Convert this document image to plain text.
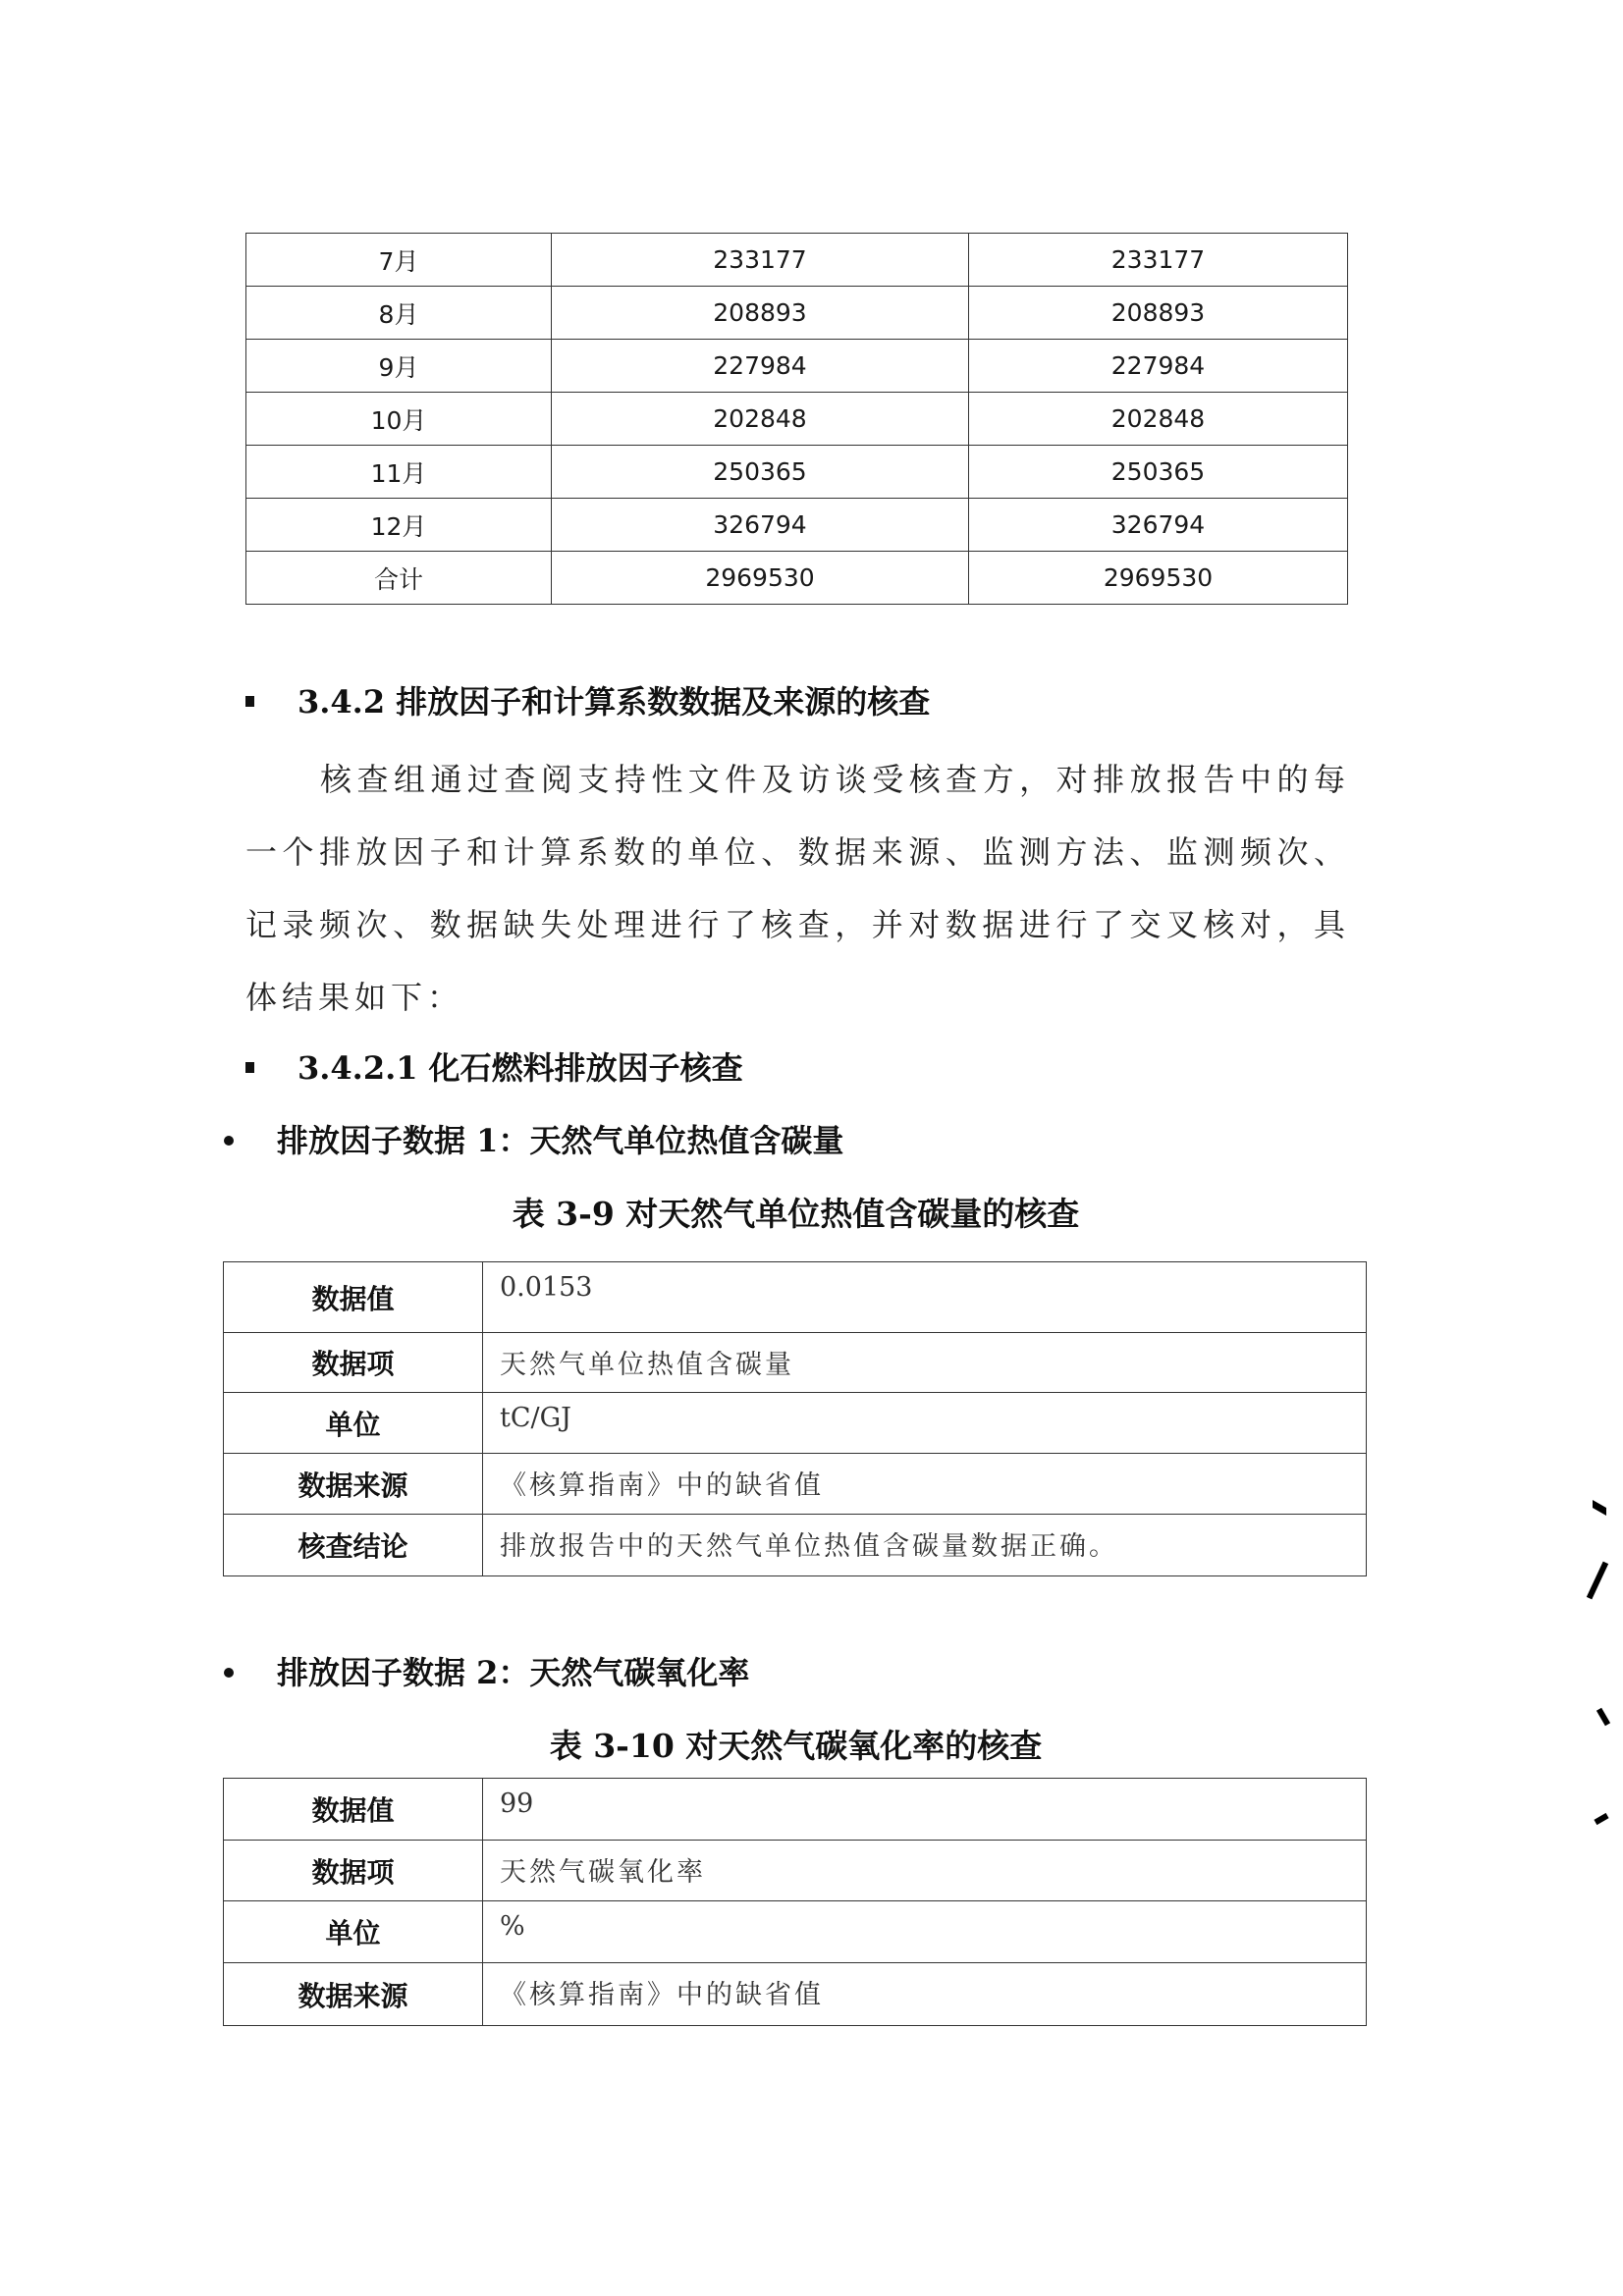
7月	233177	233177
8月	208893	208893
9月	227984	227984
10月	202848	202848
11月	250365	250365
12月	326794	326794
合计	2969530	2969530
3.4.2 排放因子和计算系数数据及来源的核查
核查组通过查阅支持性文件及访谈受核查方，对排放报告中的每一个排放因子和计算系数的单位、数据来源、监测方法、监测频次、记录频次、数据缺失处理进行了核查，并对数据进行了交叉核对，具体结果如下：
3.4.2.1 化石燃料排放因子核查
排放因子数据 1：天然气单位热值含碳量
表 3-9 对天然气单位热值含碳量的核查
数据值	0.0153
数据项	天然气单位热值含碳量
单位	tC/GJ
数据来源	《核算指南》中的缺省值
核查结论	排放报告中的天然气单位热值含碳量数据正确。
排放因子数据 2：天然气碳氧化率
表 3-10 对天然气碳氧化率的核查
数据值	99
数据项	天然气碳氧化率
单位	%
数据来源	《核算指南》中的缺省值
